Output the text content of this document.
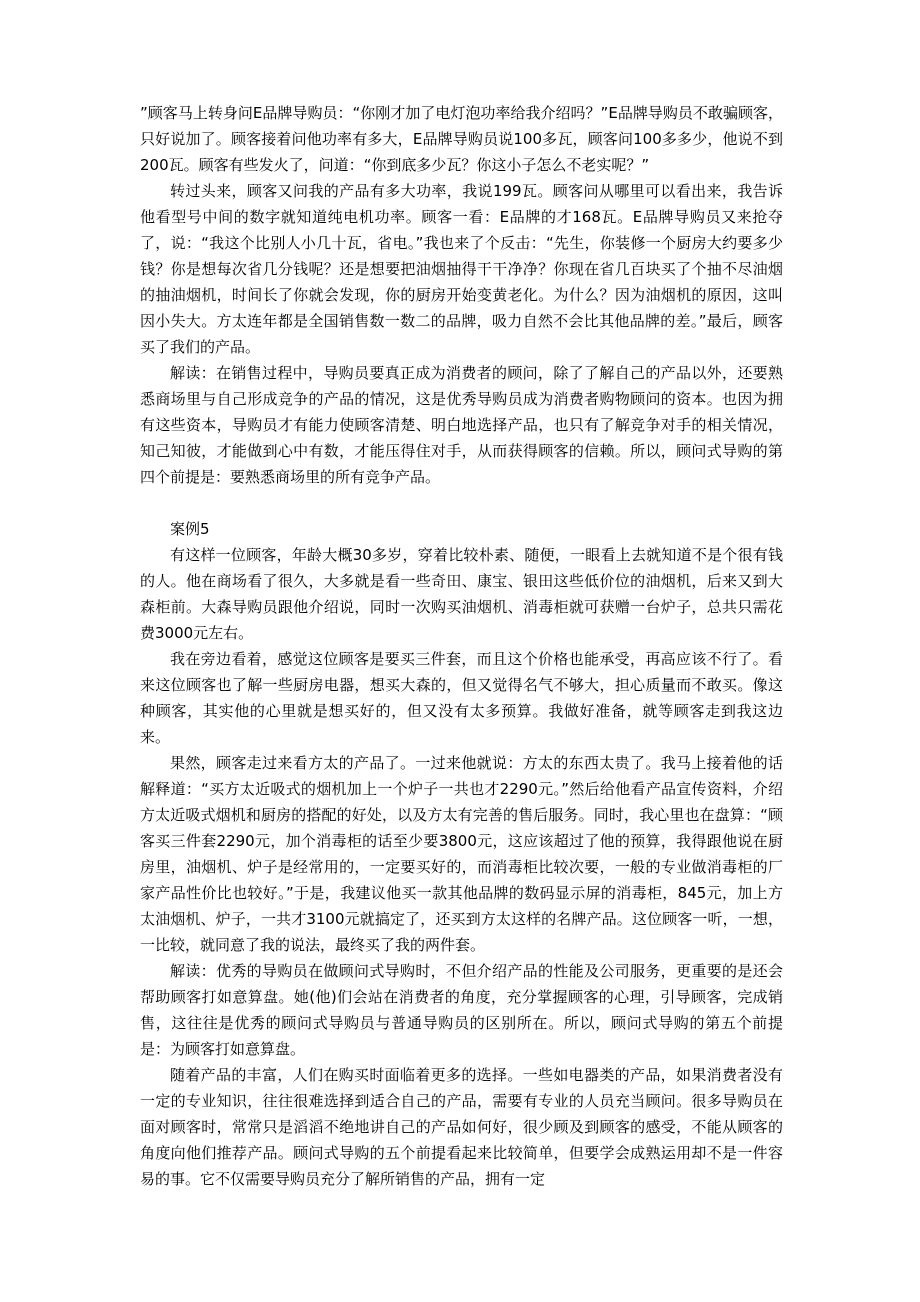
”顾客马上转身问E品牌导购员：“你刚才加了电灯泡功率给我介绍吗？”E品牌导购员不敢骗顾客，只好说加了。顾客接着问他功率有多大，E品牌导购员说100多瓦，顾客问100多多少，他说不到200瓦。顾客有些发火了，问道：“你到底多少瓦？你这小子怎么不老实呢？”

转过头来，顾客又问我的产品有多大功率，我说199瓦。顾客问从哪里可以看出来，我告诉他看型号中间的数字就知道纯电机功率。顾客一看：E品牌的才168瓦。E品牌导购员又来抢夺了，说：“我这个比别人小几十瓦，省电。”我也来了个反击：“先生，你装修一个厨房大约要多少钱？你是想每次省几分钱呢？还是想要把油烟抽得干干净净？你现在省几百块买了个抽不尽油烟的抽油烟机，时间长了你就会发现，你的厨房开始变黄老化。为什么？因为油烟机的原因，这叫因小失大。方太连年都是全国销售数一数二的品牌，吸力自然不会比其他品牌的差。”最后，顾客买了我们的产品。

解读：在销售过程中，导购员要真正成为消费者的顾问，除了了解自己的产品以外，还要熟悉商场里与自己形成竞争的产品的情况，这是优秀导购员成为消费者购物顾问的资本。也因为拥有这些资本，导购员才有能力使顾客清楚、明白地选择产品，也只有了解竞争对手的相关情况，知己知彼，才能做到心中有数，才能压得住对手，从而获得顾客的信赖。所以，顾问式导购的第四个前提是：要熟悉商场里的所有竞争产品。

案例5

有这样一位顾客，年龄大概30多岁，穿着比较朴素、随便，一眼看上去就知道不是个很有钱的人。他在商场看了很久，大多就是看一些奇田、康宝、银田这些低价位的油烟机，后来又到大森柜前。大森导购员跟他介绍说，同时一次购买油烟机、消毒柜就可获赠一台炉子，总共只需花费3000元左右。

我在旁边看着，感觉这位顾客是要买三件套，而且这个价格也能承受，再高应该不行了。看来这位顾客也了解一些厨房电器，想买大森的，但又觉得名气不够大，担心质量而不敢买。像这种顾客，其实他的心里就是想买好的，但又没有太多预算。我做好准备，就等顾客走到我这边来。

果然，顾客走过来看方太的产品了。一过来他就说：方太的东西太贵了。我马上接着他的话解释道：“买方太近吸式的烟机加上一个炉子一共也才2290元。”然后给他看产品宣传资料，介绍方太近吸式烟机和厨房的搭配的好处，以及方太有完善的售后服务。同时，我心里也在盘算：“顾客买三件套2290元，加个消毒柜的话至少要3800元，这应该超过了他的预算，我得跟他说在厨房里，油烟机、炉子是经常用的，一定要买好的，而消毒柜比较次要，一般的专业做消毒柜的厂家产品性价比也较好。”于是，我建议他买一款其他品牌的数码显示屏的消毒柜，845元，加上方太油烟机、炉子，一共才3100元就搞定了，还买到方太这样的名牌产品。这位顾客一听，一想，一比较，就同意了我的说法，最终买了我的两件套。

解读：优秀的导购员在做顾问式导购时，不但介绍产品的性能及公司服务，更重要的是还会帮助顾客打如意算盘。她(他)们会站在消费者的角度，充分掌握顾客的心理，引导顾客，完成销售，这往往是优秀的顾问式导购员与普通导购员的区别所在。所以，顾问式导购的第五个前提是：为顾客打如意算盘。

随着产品的丰富，人们在购买时面临着更多的选择。一些如电器类的产品，如果消费者没有一定的专业知识，往往很难选择到适合自己的产品，需要有专业的人员充当顾问。很多导购员在面对顾客时，常常只是滔滔不绝地讲自己的产品如何好，很少顾及到顾客的感受，不能从顾客的角度向他们推荐产品。顾问式导购的五个前提看起来比较简单，但要学会成熟运用却不是一件容易的事。它不仅需要导购员充分了解所销售的产品，拥有一定
